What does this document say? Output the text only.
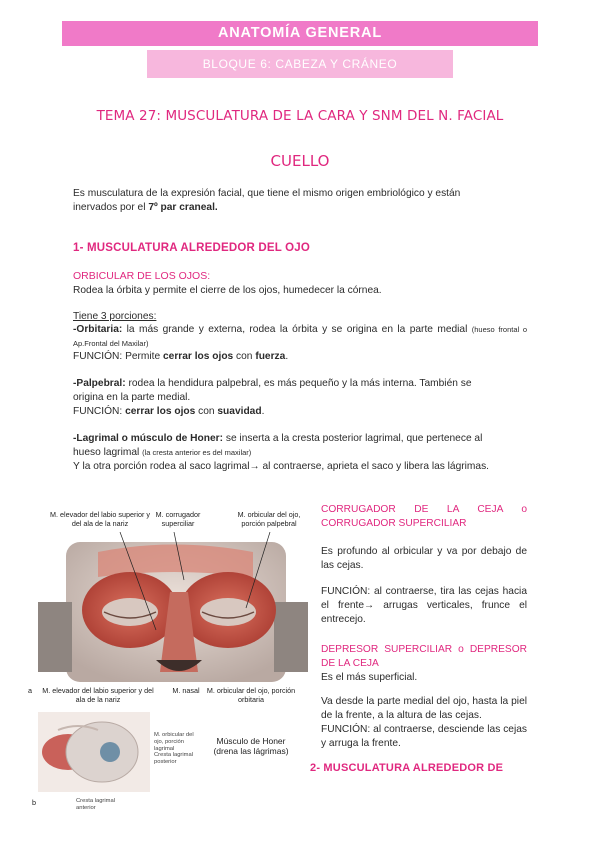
ANATOMÍA GENERAL
BLOQUE 6: CABEZA Y CRÁNEO
TEMA 27: MUSCULATURA DE LA CARA Y SNM DEL N. FACIAL
CUELLO
Es musculatura de la expresión facial, que tiene el mismo origen embriológico y están
inervados por el 7º par craneal.
1- MUSCULATURA ALREDEDOR DEL OJO
ORBICULAR DE LOS OJOS:
Rodea la órbita y permite el cierre de los ojos, humedecer la córnea.
Tiene 3 porciones:
-Orbitaria: la más grande y externa, rodea la órbita y se origina en la parte medial (hueso frontal o Ap.Frontal del Maxilar)
FUNCIÓN: Permite cerrar los ojos con fuerza.
-Palpebral: rodea la hendidura palpebral, es más pequeño y la más interna. También se
origina en la parte medial.
FUNCIÓN: cerrar los ojos con suavidad.
-Lagrimal o músculo de Honer: se inserta a la cresta posterior lagrimal, que pertenece al
hueso lagrimal (la cresta anterior es del maxilar)
Y la otra porción rodea al saco lagrimal→ al contraerse, aprieta el saco y libera las lágrimas.
M. elevador del labio superior y del ala de la nariz
M. corrugador superciliar
M. orbicular del ojo, porción palpebral
a	M. elevador del labio superior y del ala de la nariz
M. nasal	M. orbicular del ojo, porción orbitaria
M. orbicular del ojo, porción lagrimal
Cresta lagrimal posterior
Músculo de Honer (drena las lágrimas)
b	Cresta lagrimal anterior
CORRUGADOR DE LA CEJA o CORRUGADOR SUPERCILIAR
Es profundo al orbicular y va por debajo de las cejas.
FUNCIÓN: al contraerse, tira las cejas hacia el frente→ arrugas verticales, frunce el entrecejo.
DEPRESOR SUPERCILIAR o DEPRESOR DE LA CEJA
Es el más superficial.
Va desde la parte medial del ojo, hasta la piel de la frente, a la altura de las cejas.
FUNCIÓN: al contraerse, desciende las cejas y arruga la frente.
2- MUSCULATURA ALREDEDOR DE
